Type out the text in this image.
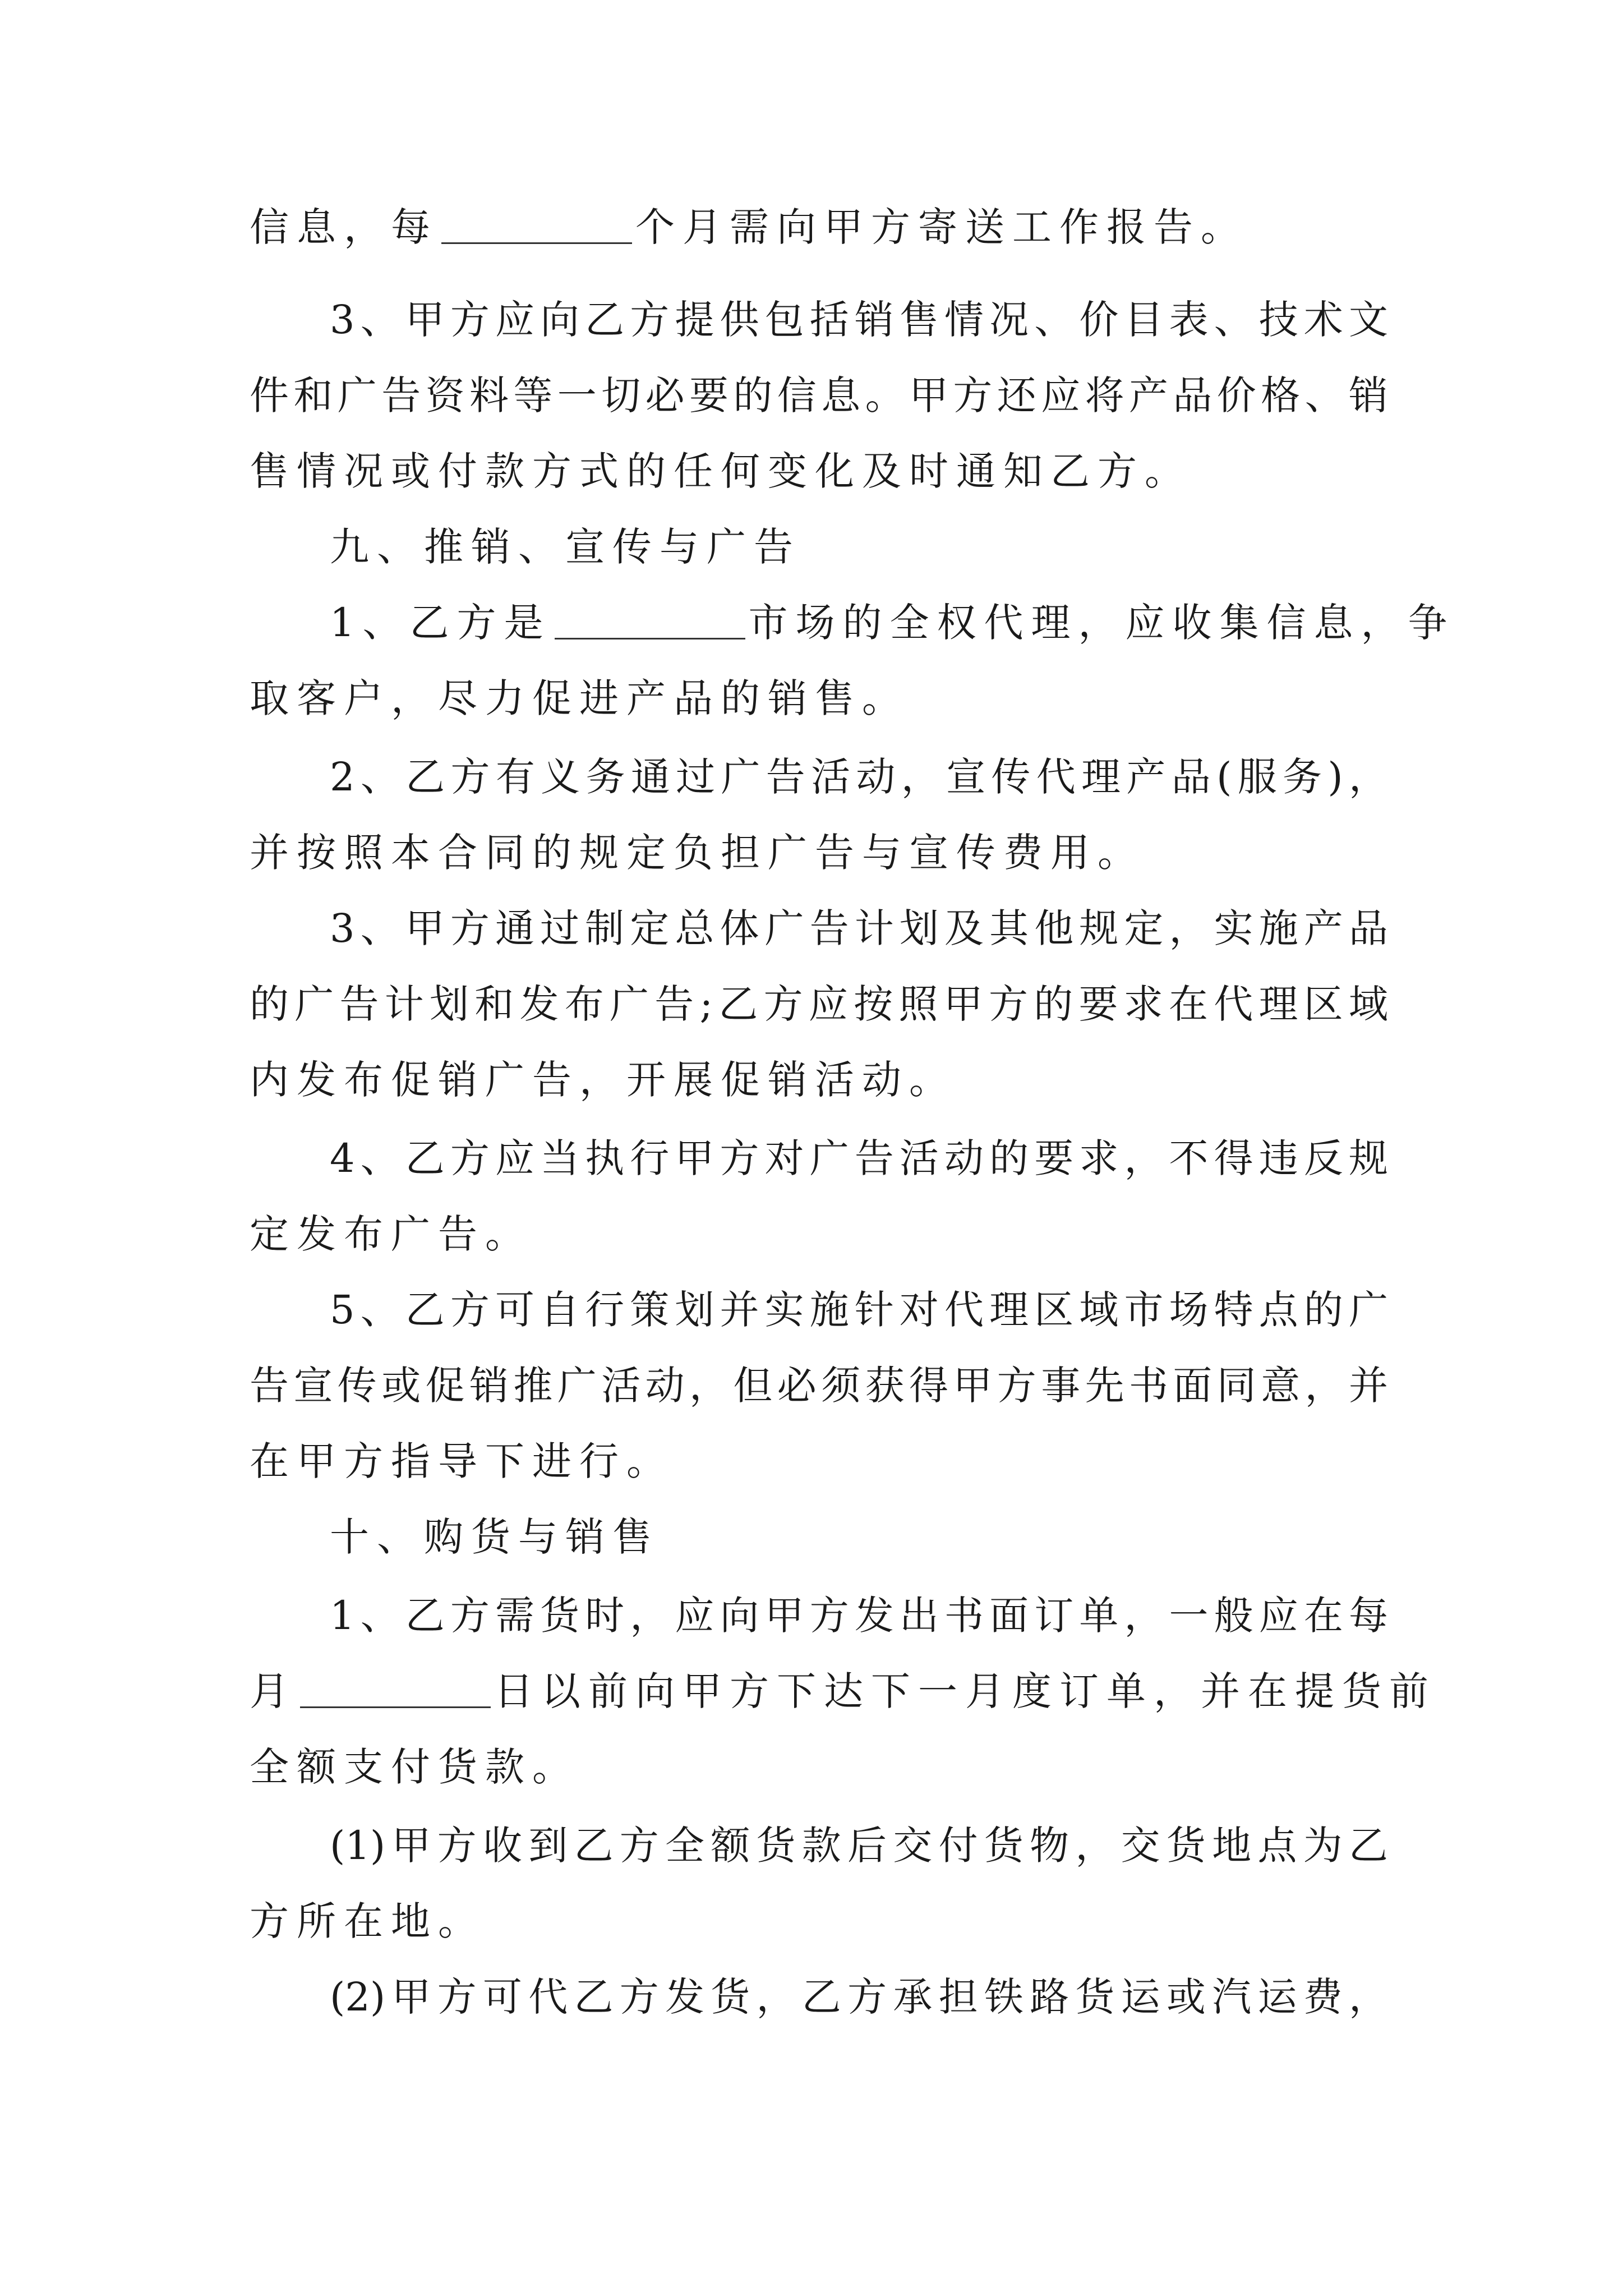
信息，每	个月需向甲方寄送工作报告。
3、甲方应向乙方提供包括销售情况、价目表、技术文
件和广告资料等一切必要的信息。甲方还应将产品价格、销
售情况或付款方式的任何变化及时通知乙方。
九、推销、宣传与广告
1、乙方是	市场的全权代理，应收集信息，争
取客户，尽力促进产品的销售。
2、乙方有义务通过广告活动，宣传代理产品(服务)，
并按照本合同的规定负担广告与宣传费用。
3、甲方通过制定总体广告计划及其他规定，实施产品
的广告计划和发布广告;乙方应按照甲方的要求在代理区域
内发布促销广告，开展促销活动。
4、乙方应当执行甲方对广告活动的要求，不得违反规
定发布广告。
5、乙方可自行策划并实施针对代理区域市场特点的广
告宣传或促销推广活动，但必须获得甲方事先书面同意，并
在甲方指导下进行。
十、购货与销售
1、乙方需货时，应向甲方发出书面订单，一般应在每
月	日以前向甲方下达下一月度订单，并在提货前
全额支付货款。
(1)甲方收到乙方全额货款后交付货物，交货地点为乙
方所在地。
(2)甲方可代乙方发货，乙方承担铁路货运或汽运费，
